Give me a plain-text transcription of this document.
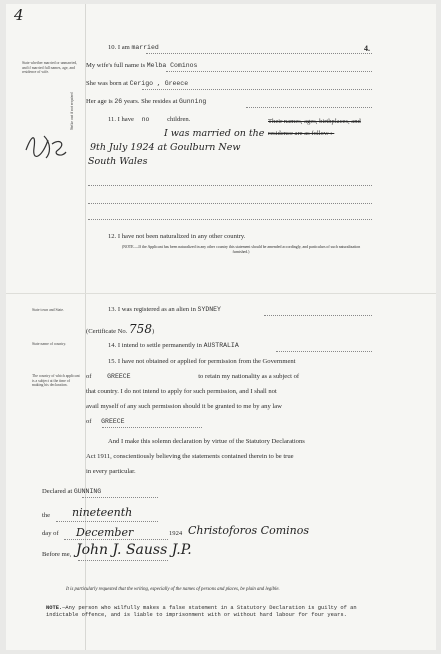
4
4.
State whether married or unmarried, and if married full names, age, and residence of wife.
Strike out if not required
State town and State.
State name of country.
The country of which applicant is a subject at the time of making his declaration.
10. I am married
My wife's full name is Melba Cominos
She was born at Cerigo , Greece
Her age is 26 years. She resides at Gunning
11. I have no	children.	Their names, ages, birthplaces, and residence are as follow :-
I was married on the
9th July 1924 at Goulburn New
South Wales
12. I have not been naturalized in any other country.
(NOTE.—If the Applicant has been naturalized in any other country this statement should be amended accordingly, and particulars of such naturalization furnished.)
13. I was registered as an alien in SYDNEY
(Certificate No. 758)
14. I intend to settle permanently in AUSTRALIA
15. I have not obtained or applied for permission from the Government
of GREECE	to retain my nationality as a subject of
that country. I do not intend to apply for such permission, and I shall not
avail myself of any such permission should it be granted to me by any law
of GREECE
And I make this solemn declaration by virtue of the Statutory Declarations
Act 1911, conscientiously believing the statements contained therein to be true
in every particular.
Declared at GUNNING
the nineteenth
day of December	1924 Christoforos Cominos
Before me, John J. Sauss J.P.
It is particularly requested that the writing, especially of the names of persons and places, be plain and legible.
NOTE.—Any person who wilfully makes a false statement in a Statutory Declaration is guilty of an indictable offence, and is liable to imprisonment with or without hard labour for four years.
